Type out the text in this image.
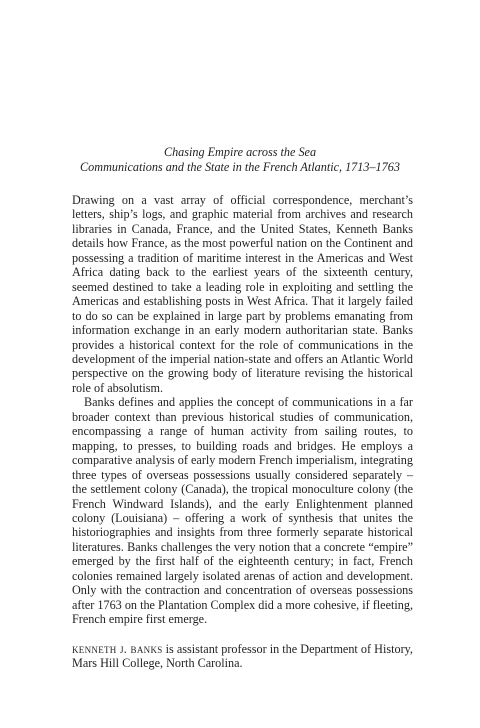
Chasing Empire across the Sea
Communications and the State in the French Atlantic, 1713–1763

Drawing on a vast array of official correspondence, merchant’s letters, ship’s logs, and graphic material from archives and research libraries in Canada, France, and the United States, Kenneth Banks details how France, as the most powerful nation on the Continent and possessing a tradition of maritime interest in the Americas and West Africa dating back to the earliest years of the sixteenth century, seemed destined to take a leading role in exploiting and settling the Americas and establishing posts in West Africa. That it largely failed to do so can be explained in large part by problems emanating from information exchange in an early modern authoritarian state. Banks provides a historical context for the role of communications in the development of the imperial nation-state and offers an Atlantic World perspective on the growing body of literature revising the historical role of absolutism.

Banks defines and applies the concept of communications in a far broader context than previous historical studies of communication, encompassing a range of human activity from sailing routes, to mapping, to presses, to building roads and bridges. He employs a comparative analysis of early modern French imperialism, integrating three types of overseas possessions usually considered separately – the settlement colony (Canada), the tropical monoculture colony (the French Windward Islands), and the early Enlightenment planned colony (Louisiana) – offering a work of synthesis that unites the historiographies and insights from three formerly separate historical literatures. Banks challenges the very notion that a concrete “empire” emerged by the first half of the eighteenth century; in fact, French colonies remained largely isolated arenas of action and development. Only with the contraction and concentration of overseas possessions after 1763 on the Plantation Complex did a more cohesive, if fleeting, French empire first emerge.

kenneth j. banks is assistant professor in the Department of History, Mars Hill College, North Carolina.
